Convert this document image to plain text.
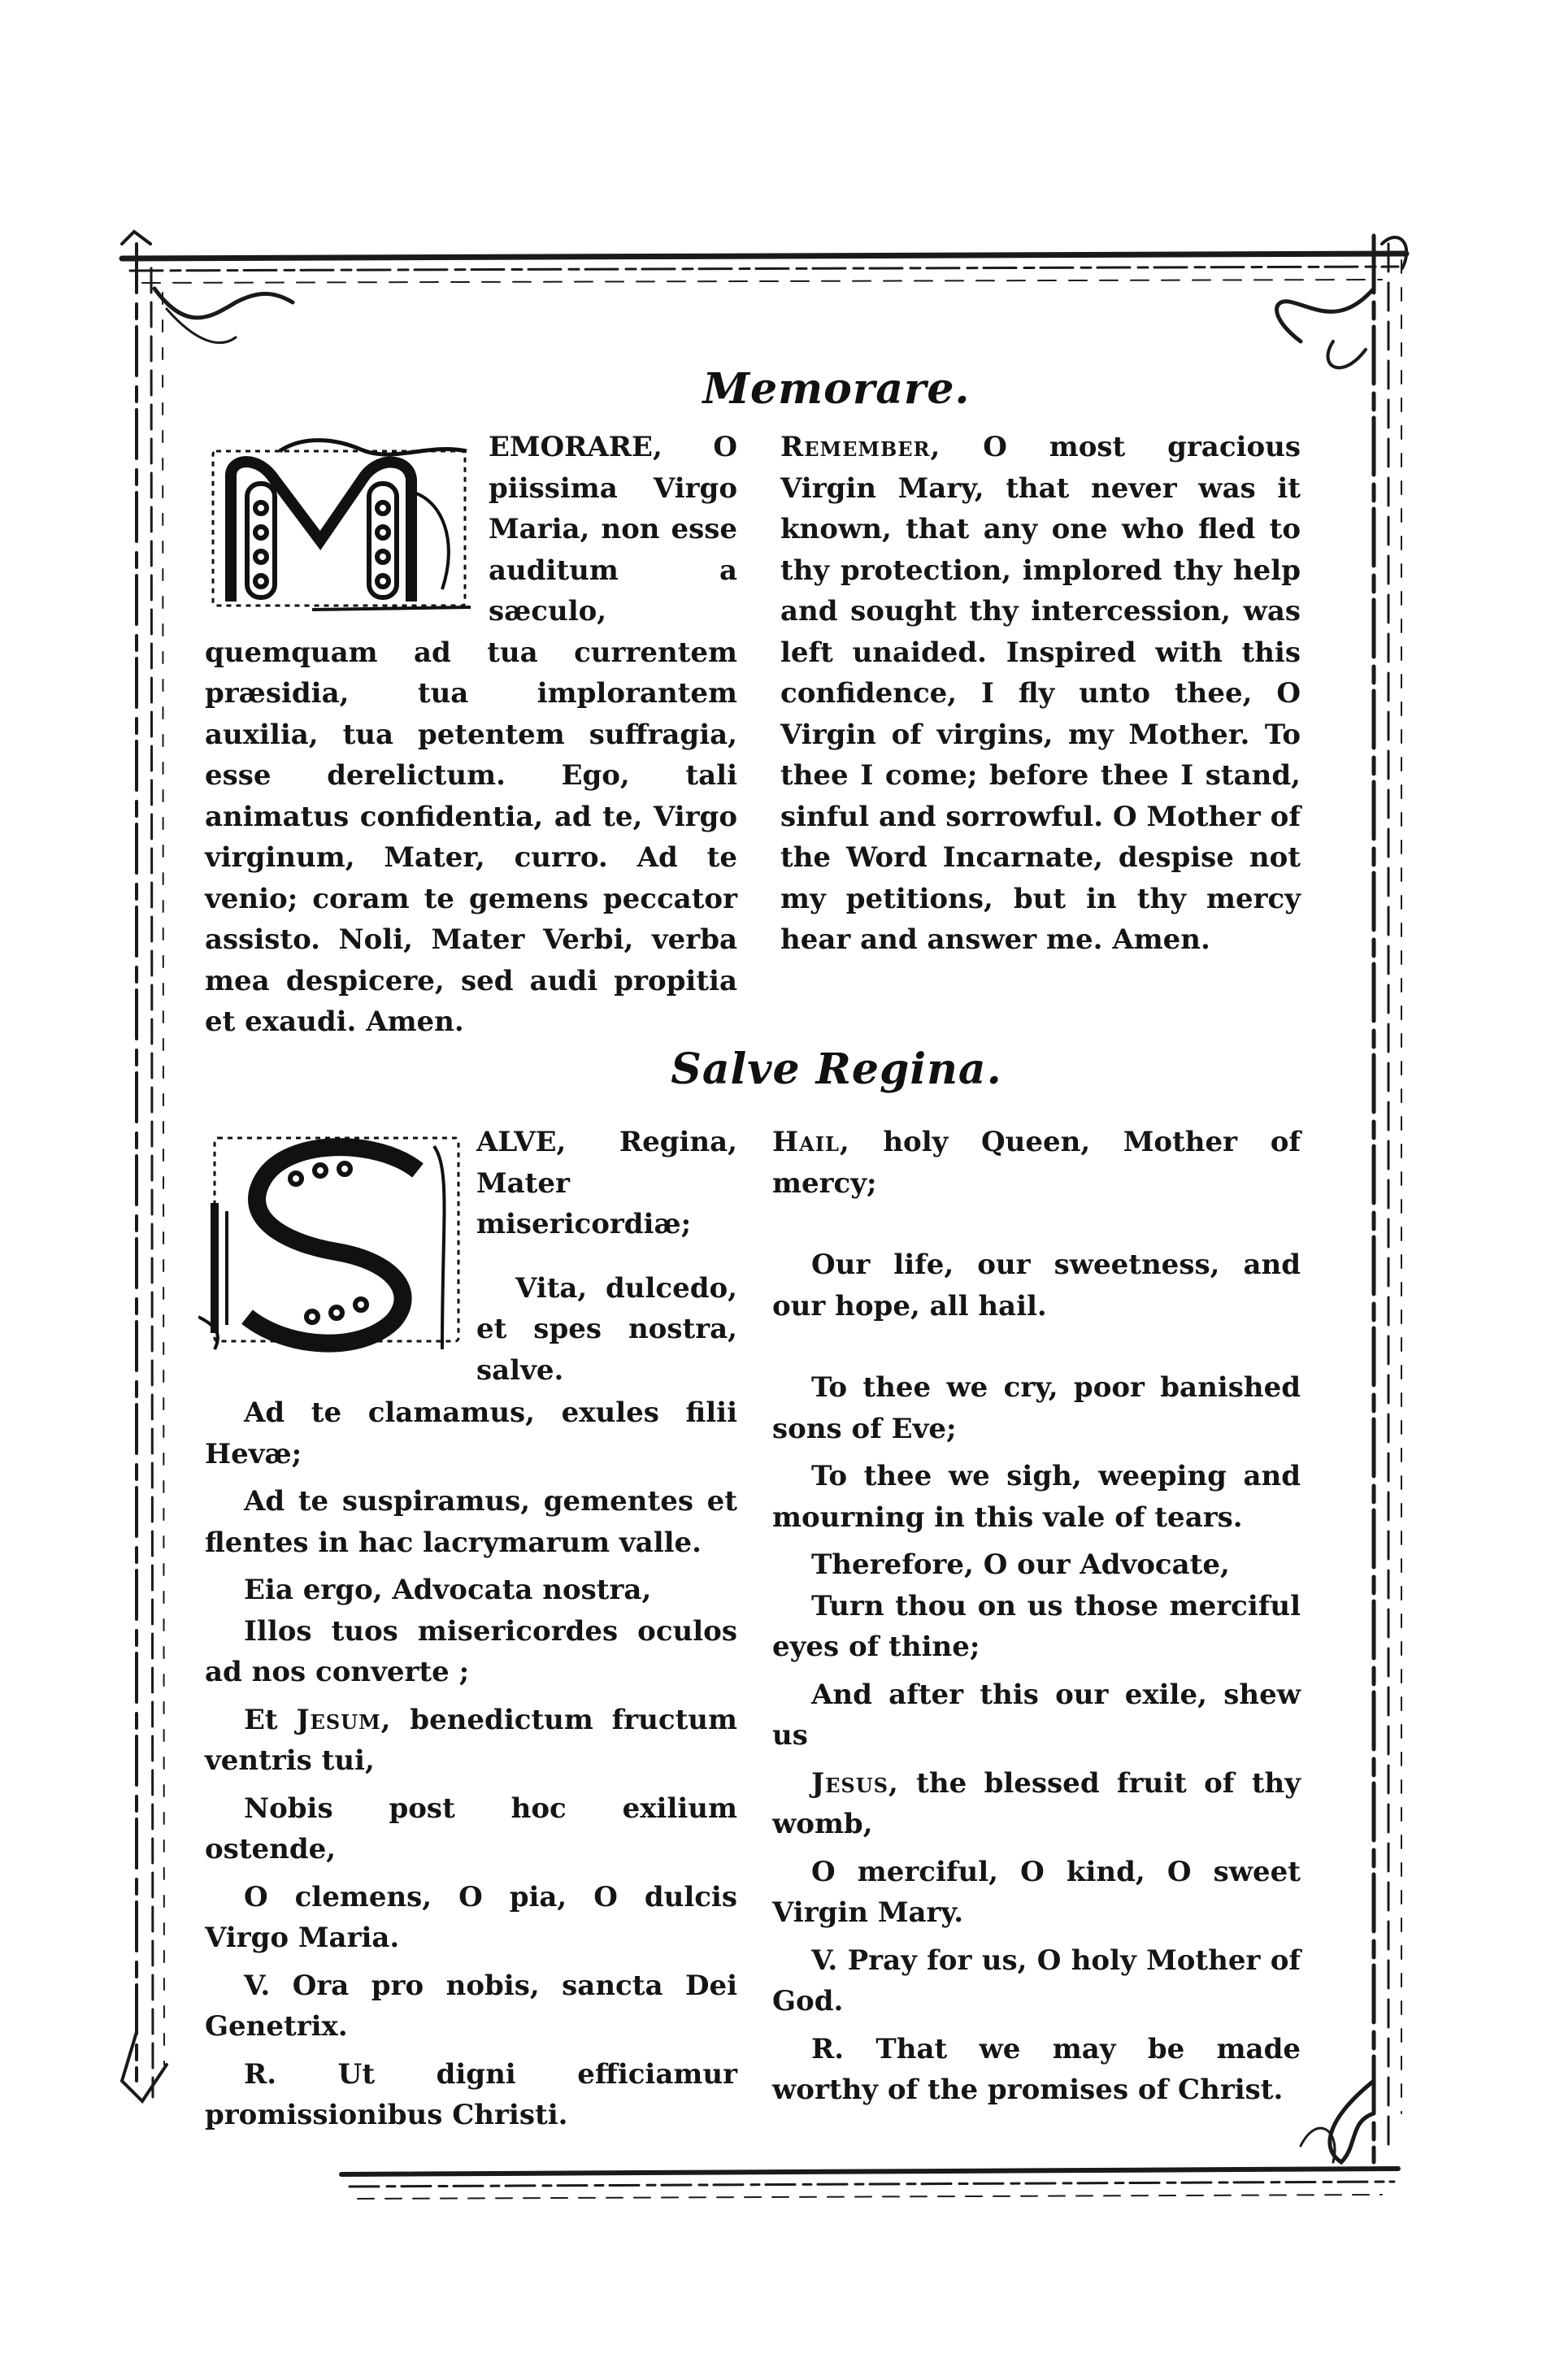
Memorare.

EMORARE, O piissima Virgo Maria, non esse auditum a sæculo, quemquam ad tua currentem præsidia, tua implorantem auxilia, tua petentem suffragia, esse derelictum. Ego, tali animatus confidentia, ad te, Virgo virginum, Mater, curro. Ad te venio; coram te gemens peccator assisto. Noli, Mater Verbi, verba mea despicere, sed audi propitia et exaudi. Amen.

Remember, O most gracious Virgin Mary, that never was it known, that any one who fled to thy protection, implored thy help and sought thy intercession, was left unaided. Inspired with this confidence, I fly unto thee, O Virgin of virgins, my Mother. To thee I come; before thee I stand, sinful and sorrowful. O Mother of the Word Incarnate, despise not my petitions, but in thy mercy hear and answer me. Amen.

Salve Regina.

ALVE, Regina, Mater misericordiæ;

Vita, dulcedo, et spes nostra, salve.

Ad te clamamus, exules filii Hevæ;

Ad te suspiramus, gementes et flentes in hac lacrymarum valle.

Eia ergo, Advocata nostra,

Illos tuos misericordes oculos ad nos converte ;

Et Jesum, benedictum fructum ventris tui,

Nobis post hoc exilium ostende,

O clemens, O pia, O dulcis Virgo Maria.

V. Ora pro nobis, sancta Dei Genetrix.

R. Ut digni efficiamur promissionibus Christi.

Hail, holy Queen, Mother of mercy;

Our life, our sweetness, and our hope, all hail.

To thee we cry, poor banished sons of Eve;

To thee we sigh, weeping and mourning in this vale of tears.

Therefore, O our Advocate,

Turn thou on us those merciful eyes of thine;

And after this our exile, shew us

Jesus, the blessed fruit of thy womb,

O merciful, O kind, O sweet Virgin Mary.

V. Pray for us, O holy Mother of God.

R. That we may be made worthy of the promises of Christ.
